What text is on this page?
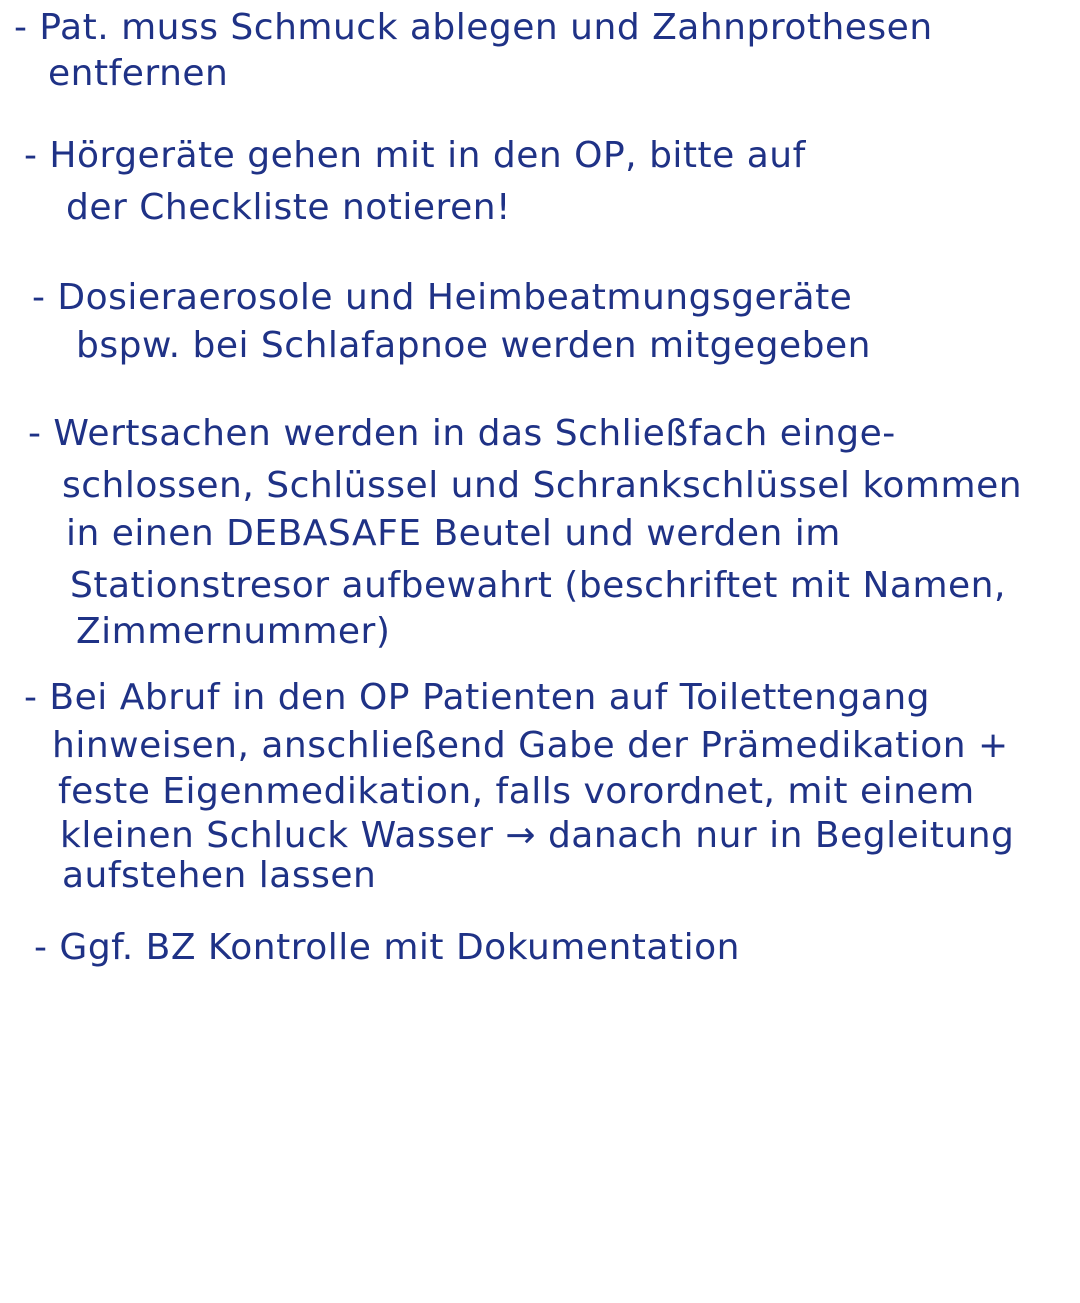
- Pat. muss Schmuck ablegen und Zahnprothesen
entfernen
- Hörgeräte gehen mit in den OP, bitte auf
der Checkliste notieren!
- Dosieraerosole und Heimbeatmungsgeräte
bspw. bei Schlafapnoe werden mitgegeben
- Wertsachen werden in das Schließfach einge-
schlossen, Schlüssel und Schrankschlüssel kommen
in einen DEBASAFE Beutel und werden im
Stationstresor aufbewahrt (beschriftet mit Namen,
Zimmernummer)
- Bei Abruf in den OP Patienten auf Toilettengang
hinweisen, anschließend Gabe der Prämedikation +
feste Eigenmedikation, falls vorordnet, mit einem
kleinen Schluck Wasser → danach nur in Begleitung
aufstehen lassen
- Ggf. BZ Kontrolle mit Dokumentation
